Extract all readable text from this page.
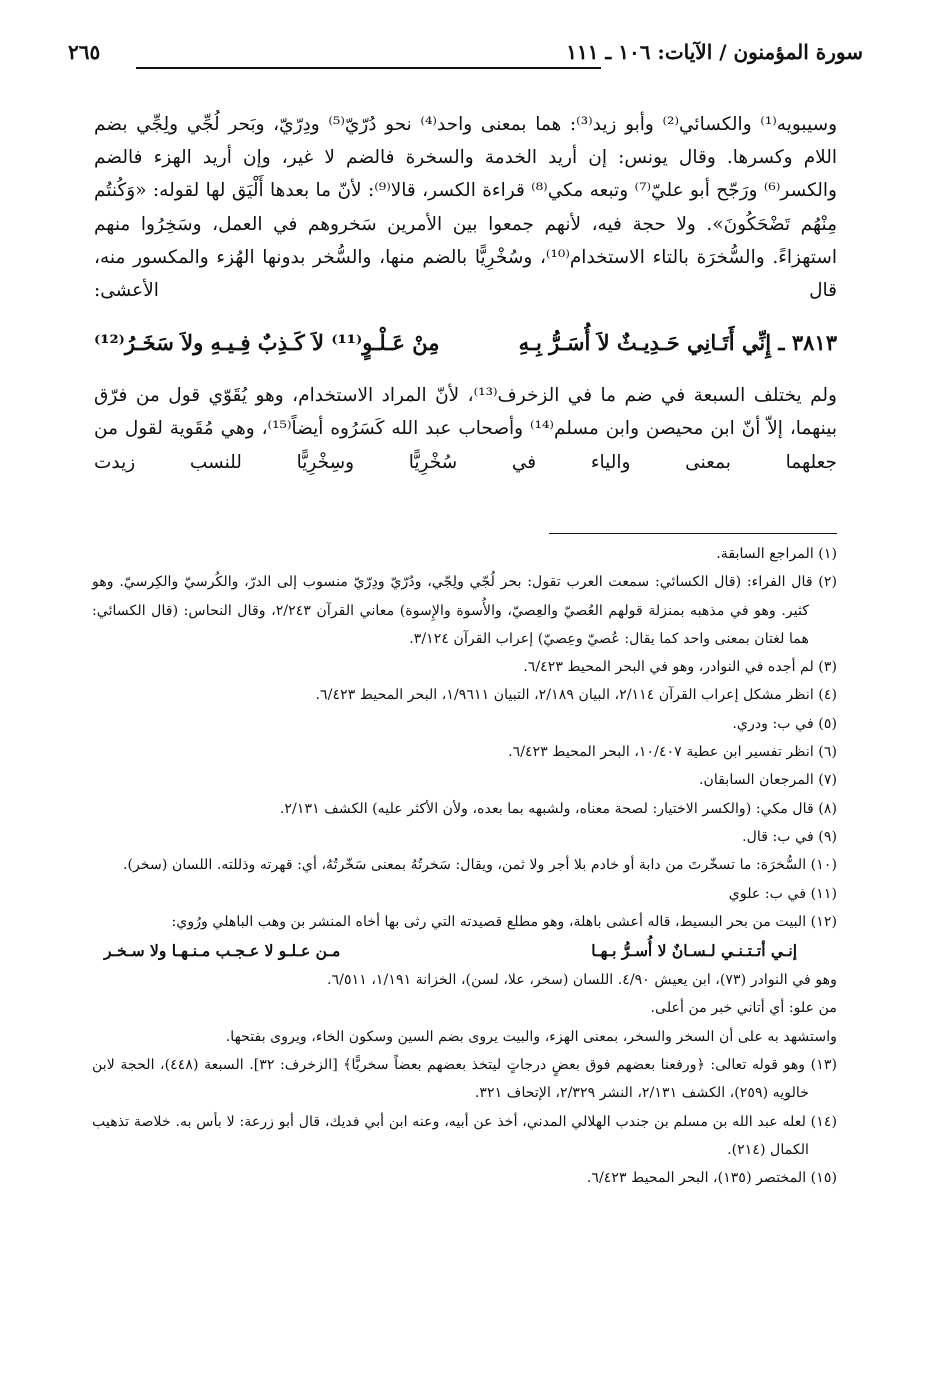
سورة المؤمنون / الآيات: ١٠٦ ـ ١١١
٢٦٥

وسيبويه⁽¹⁾ والكسائي⁽²⁾ وأبو زيد⁽³⁾: هما بمعنى واحد⁽⁴⁾ نحو دُرّيّ⁽⁵⁾ ودِرّيّ، وبَحر لُجِّي ولِجِّي بضم اللام وكسرها. وقال يونس: إن أريد الخدمة والسخرة فالضم لا غير، وإن أريد الهزء فالضم والكسر⁽⁶⁾ ورَجّح أبو عليّ⁽⁷⁾ وتبعه مكي⁽⁸⁾ قراءة الكسر، قالا⁽⁹⁾: لأنّ ما بعدها أَلْيَق لها لقوله: «وَكُنتُم مِنْهُم تَضْحَكُونَ». ولا حجة فيه، لأنهم جمعوا بين الأمرين سَخروهم في العمل، وسَخِرُوا منهم استهزاءً. والسُّخرَة بالتاء الاستخدام⁽¹⁰⁾، وسُخْرِيًّا بالضم منها، والسُّخر بدونها الهُزء والمكسور منه، قال الأعشى:

٣٨١٣ ـ إِنِّي أَتَـانِي حَـدِيـثٌ لاَ أُسَـرُّ بِـهِ
مِنْ عَـلْـوٍ⁽¹¹⁾ لاَ كَـذِبٌ فِـيـهِ ولاَ سَخَـرُ⁽¹²⁾

ولم يختلف السبعة في ضم ما في الزخرف⁽¹³⁾، لأنّ المراد الاستخدام، وهو يُقَوّي قول من فرّق بينهما، إلاّ أنّ ابن محيصن وابن مسلم⁽¹⁴⁾ وأصحاب عبد الله كَسَرُوه أيضاً⁽¹⁵⁾، وهي مُقَوية لقول من جعلهما بمعنى والياء في سُخْرِيًّا وسِخْرِيًّا للنسب زيدت

(١) المراجع السابقة.

(٢) قال الفراء: (قال الكسائي: سمعت العرب تقول: بحر لُجّي ولِجّي، ودُرّيّ ودِرّيّ منسوب إلى الدرّ، والكُرسيّ والكِرسيّ. وهو كثير. وهو في مذهبه بمنزلة قولهم العُصيّ والعِصيّ، والأُسوة والإِسوة) معاني القرآن ٢/٢٤٣، وقال النحاس: (قال الكسائي: هما لغتان بمعنى واحد كما يقال: عُصيّ وعِصيّ) إعراب القرآن ٣/١٢٤.

(٣) لم أجده في النوادر، وهو في البحر المحيط ٦/٤٢٣.

(٤) انظر مشكل إعراب القرآن ٢/١١٤، البيان ٢/١٨٩، التبيان ١/٩٦١١، البحر المحيط ٦/٤٢٣.

(٥) في ب: ودري.

(٦) انظر تفسير ابن عطية ١٠/٤٠٧، البحر المحيط ٦/٤٢٣.

(٧) المرجعان السابقان.

(٨) قال مكي: (والكسر الاختيار: لصحة معناه، ولشبهه بما بعده، ولأن الأكثر عليه) الكشف ٢/١٣١.

(٩) في ب: قال.

(١٠) السُّخرَة: ما تسخّرتَ من دابة أو خادم بلا أجر ولا ثمن، ويقال: سَخرتُهُ بمعنى سَخّرتُهُ، أي: قهرته وذللته. اللسان (سخر).

(١١) في ب: علوي

(١٢) البيت من بحر البسيط، قاله أعشى باهلة، وهو مطلع قصيدته التي رثى بها أخاه المنشر بن وهب الباهلي ورُوي:

إنـي أتـتـنـي لـسـانٌ لا أُسـرُّ بـهـا
مـن عـلـو لا عـجـب مـنـهـا ولا سـخـر

وهو في النوادر (٧٣)، ابن يعيش ٤/٩٠. اللسان (سخر، علا، لسن)، الخزانة ١/١٩١، ٦/٥١١.

من علو: أي أتاني خبر من أعلى.

واستشهد به على أن السخر والسخر، بمعنى الهزء، والبيت يروى بضم السين وسكون الخاء، ويروى بفتحها.

(١٣) وهو قوله تعالى: ﴿ورفعنا بعضهم فوق بعضٍ درجاتٍ ليتخذ بعضهم بعضاً سخريًّا﴾ [الزخرف: ٣٢]. السبعة (٤٤٨)، الحجة لابن خالويه (٢٥٩)، الكشف ٢/١٣١، النشر ٢/٣٢٩، الإتحاف ٣٢١.

(١٤) لعله عبد الله بن مسلم بن جندب الهلالي المدني، أخذ عن أبيه، وعنه ابن أبي فديك، قال أبو زرعة: لا بأس به. خلاصة تذهيب الكمال (٢١٤).

(١٥) المختصر (١٣٥)، البحر المحيط ٦/٤٢٣.
